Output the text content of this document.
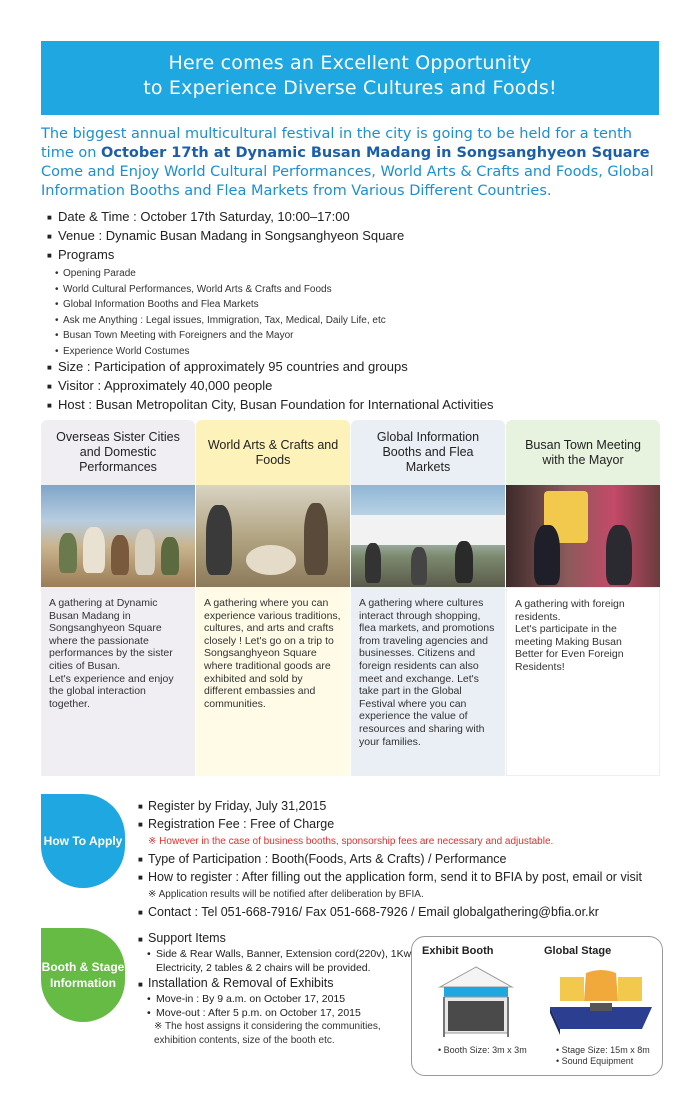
Here comes an Excellent Opportunity
to Experience Diverse Cultures and Foods!
The biggest annual multicultural festival in the city is going to be held for a tenth time on October 17th at Dynamic Busan Madang in Songsanghyeon Square Come and Enjoy World Cultural Performances, World Arts & Crafts and Foods, Global Information Booths and Flea Markets from Various Different Countries.
■ Date & Time : October 17th Saturday, 10:00–17:00
■ Venue : Dynamic Busan Madang in Songsanghyeon Square
■ Programs
• Opening Parade
• World Cultural Performances, World Arts & Crafts and Foods
• Global Information Booths and Flea Markets
• Ask me Anything : Legal issues, Immigration, Tax, Medical, Daily Life, etc
• Busan Town Meeting with Foreigners and the Mayor
• Experience World Costumes
■ Size : Participation of approximately 95 countries and groups
■ Visitor : Approximately 40,000 people
■ Host : Busan Metropolitan City, Busan Foundation for International Activities
Overseas Sister Cities and Domestic Performances
A gathering at Dynamic Busan Madang in Songsanghyeon Square where the passionate performances by the sister cities of Busan.
Let's experience and enjoy the global interaction together.
World Arts & Crafts and Foods
A gathering where you can experience various traditions, cultures, and arts and crafts closely ! Let's go on a trip to Songsanghyeon Square where traditional goods are exhibited and sold by different embassies and communities.
Global Information Booths and Flea Markets
A gathering where cultures interact through shopping, flea markets, and promotions from traveling agencies and businesses. Citizens and foreign residents can also meet and exchange. Let's take part in the Global Festival where you can experience the value of resources and sharing with your families.
Busan Town Meeting with the Mayor
A gathering with foreign residents.
Let's participate in the meeting Making Busan Better for Even Foreign Residents!
How To Apply
■ Register by Friday, July 31,2015
■ Registration Fee : Free of Charge
※ However in the case of business booths, sponsorship fees are necessary and adjustable.
■ Type of Participation : Booth(Foods, Arts & Crafts) / Performance
■ How to register : After filling out the application form, send it to BFIA by post, email or visit
※ Application results will be notified after deliberation by BFIA.
■ Contact : Tel 051-668-7916/ Fax 051-668-7926 / Email globalgathering@bfia.or.kr
Booth & Stage Information
■ Support Items
• Side & Rear Walls, Banner, Extension cord(220v), 1Kw Electricity, 2 tables & 2 chairs will be provided.
■ Installation & Removal of Exhibits
• Move-in : By 9 a.m. on October 17, 2015
• Move-out : After 5 p.m. on October 17, 2015
※ The host assigns it considering the communities, exhibition contents, size of the booth etc.
Exhibit Booth	Global Stage
• Booth Size: 3m x 3m	• Stage Size: 15m x 8m
• Sound Equipment
